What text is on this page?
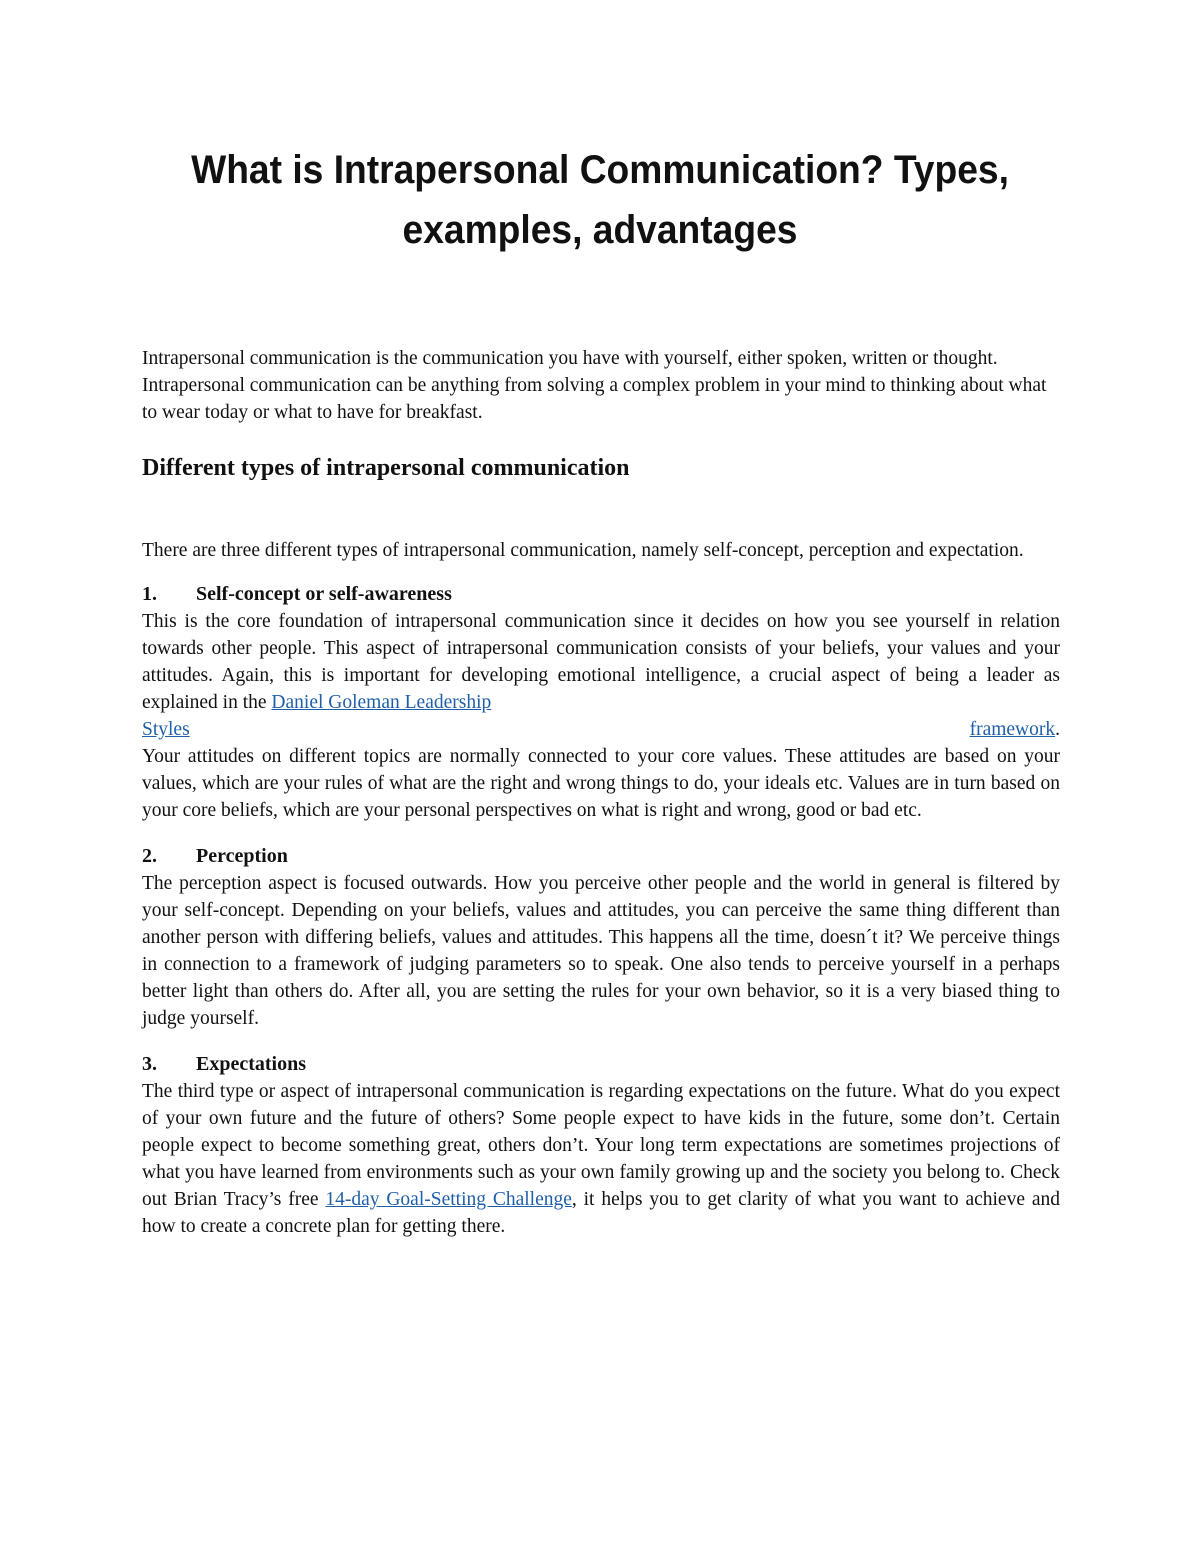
What is Intrapersonal Communication? Types, examples, advantages

Intrapersonal communication is the communication you have with yourself, either spoken, written or thought. Intrapersonal communication can be anything from solving a complex problem in your mind to thinking about what to wear today or what to have for breakfast.

Different types of intrapersonal communication

There are three different types of intrapersonal communication, namely self-concept, perception and expectation.

1.	Self-concept or self-awareness

This is the core foundation of intrapersonal communication since it decides on how you see yourself in relation towards other people. This aspect of intrapersonal communication consists of your beliefs, your values and your attitudes. Again, this is important for developing emotional intelligence, a crucial aspect of being a leader as explained in the Daniel Goleman Leadership

Styles	framework.

Your attitudes on different topics are normally connected to your core values. These attitudes are based on your values, which are your rules of what are the right and wrong things to do, your ideals etc. Values are in turn based on your core beliefs, which are your personal perspectives on what is right and wrong, good or bad etc.

2.	Perception

The perception aspect is focused outwards. How you perceive other people and the world in general is filtered by your self-concept. Depending on your beliefs, values and attitudes, you can perceive the same thing different than another person with differing beliefs, values and attitudes. This happens all the time, doesn´t it? We perceive things in connection to a framework of judging parameters so to speak. One also tends to perceive yourself in a perhaps better light than others do. After all, you are setting the rules for your own behavior, so it is a very biased thing to judge yourself.

3.	Expectations

The third type or aspect of intrapersonal communication is regarding expectations on the future. What do you expect of your own future and the future of others? Some people expect to have kids in the future, some don’t. Certain people expect to become something great, others don’t. Your long term expectations are sometimes projections of what you have learned from environments such as your own family growing up and the society you belong to. Check out Brian Tracy’s free 14-day Goal-Setting Challenge, it helps you to get clarity of what you want to achieve and how to create a concrete plan for getting there.
